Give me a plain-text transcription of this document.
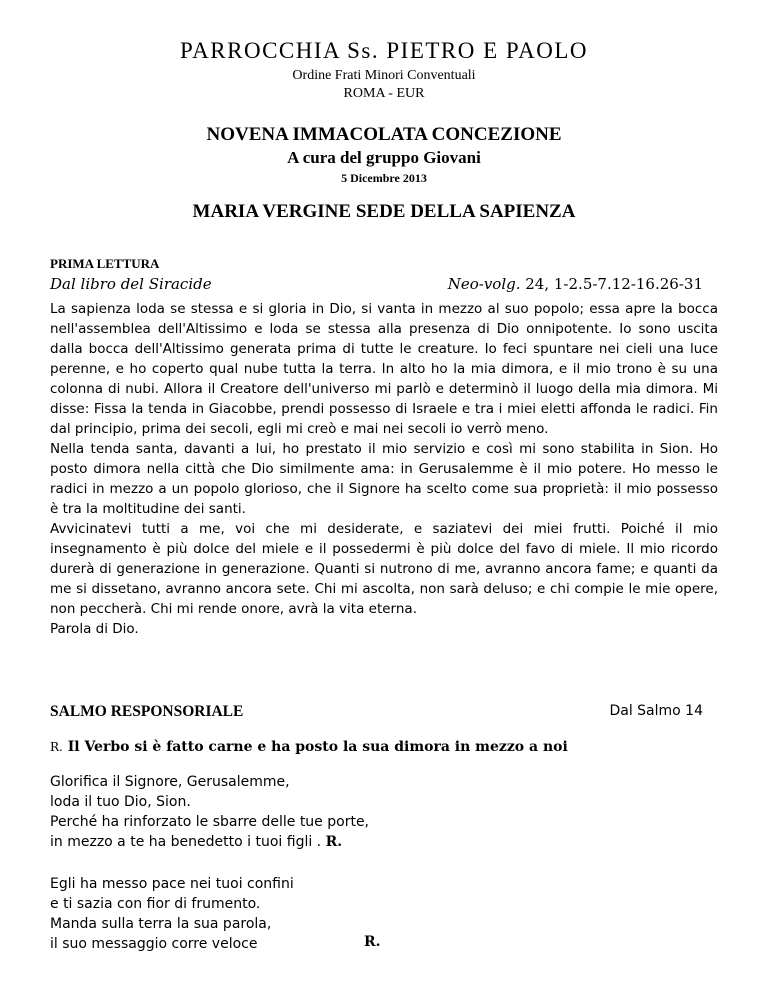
PARROCCHIA Ss. PIETRO E PAOLO
Ordine Frati Minori Conventuali
ROMA - EUR
NOVENA IMMACOLATA CONCEZIONE
A cura del gruppo Giovani
5 Dicembre 2013
MARIA VERGINE SEDE DELLA SAPIENZA
PRIMA LETTURA
Dal libro del Siracide	Neo-volg. 24, 1-2.5-7.12-16.26-31

La sapienza loda se stessa e si gloria in Dio, si vanta in mezzo al suo popolo; essa apre la bocca nell'assemblea dell'Altissimo e loda se stessa alla presenza di Dio onnipotente. Io sono uscita dalla bocca dell'Altissimo generata prima di tutte le creature. Io feci spuntare nei cieli una luce perenne, e ho coperto qual nube tutta la terra. In alto ho la mia dimora, e il mio trono è su una colonna di nubi. Allora il Creatore dell'universo mi parlò e determinò il luogo della mia dimora. Mi disse: Fissa la tenda in Giacobbe, prendi possesso di Israele e tra i miei eletti affonda le radici. Fin dal principio, prima dei secoli, egli mi creò e mai nei secoli io verrò meno.

Nella tenda santa, davanti a lui, ho prestato il mio servizio e così mi sono stabilita in Sion. Ho posto dimora nella città che Dio similmente ama: in Gerusalemme è il mio potere. Ho messo le radici in mezzo a un popolo glorioso, che il Signore ha scelto come sua proprietà: il mio possesso è tra la moltitudine dei santi.

Avvicinatevi tutti a me, voi che mi desiderate, e saziatevi dei miei frutti. Poiché il mio insegnamento è più dolce del miele e il possedermi è più dolce del favo di miele. Il mio ricordo durerà di generazione in generazione. Quanti si nutrono di me, avranno ancora fame; e quanti da me si dissetano, avranno ancora sete. Chi mi ascolta, non sarà deluso; e chi compie le mie opere, non peccherà. Chi mi rende onore, avrà la vita eterna.

Parola di Dio.

SALMO RESPONSORIALE	Dal Salmo 14
R. Il Verbo si è fatto carne e ha posto la sua dimora in mezzo a noi
Glorifica il Signore, Gerusalemme,
loda il tuo Dio, Sion.
Perché ha rinforzato le sbarre delle tue porte,
in mezzo a te ha benedetto i tuoi figli . R.
Egli ha messo pace nei tuoi confini
e ti sazia con fior di frumento.
Manda sulla terra la sua parola,
il suo messaggio corre veloce	R.
